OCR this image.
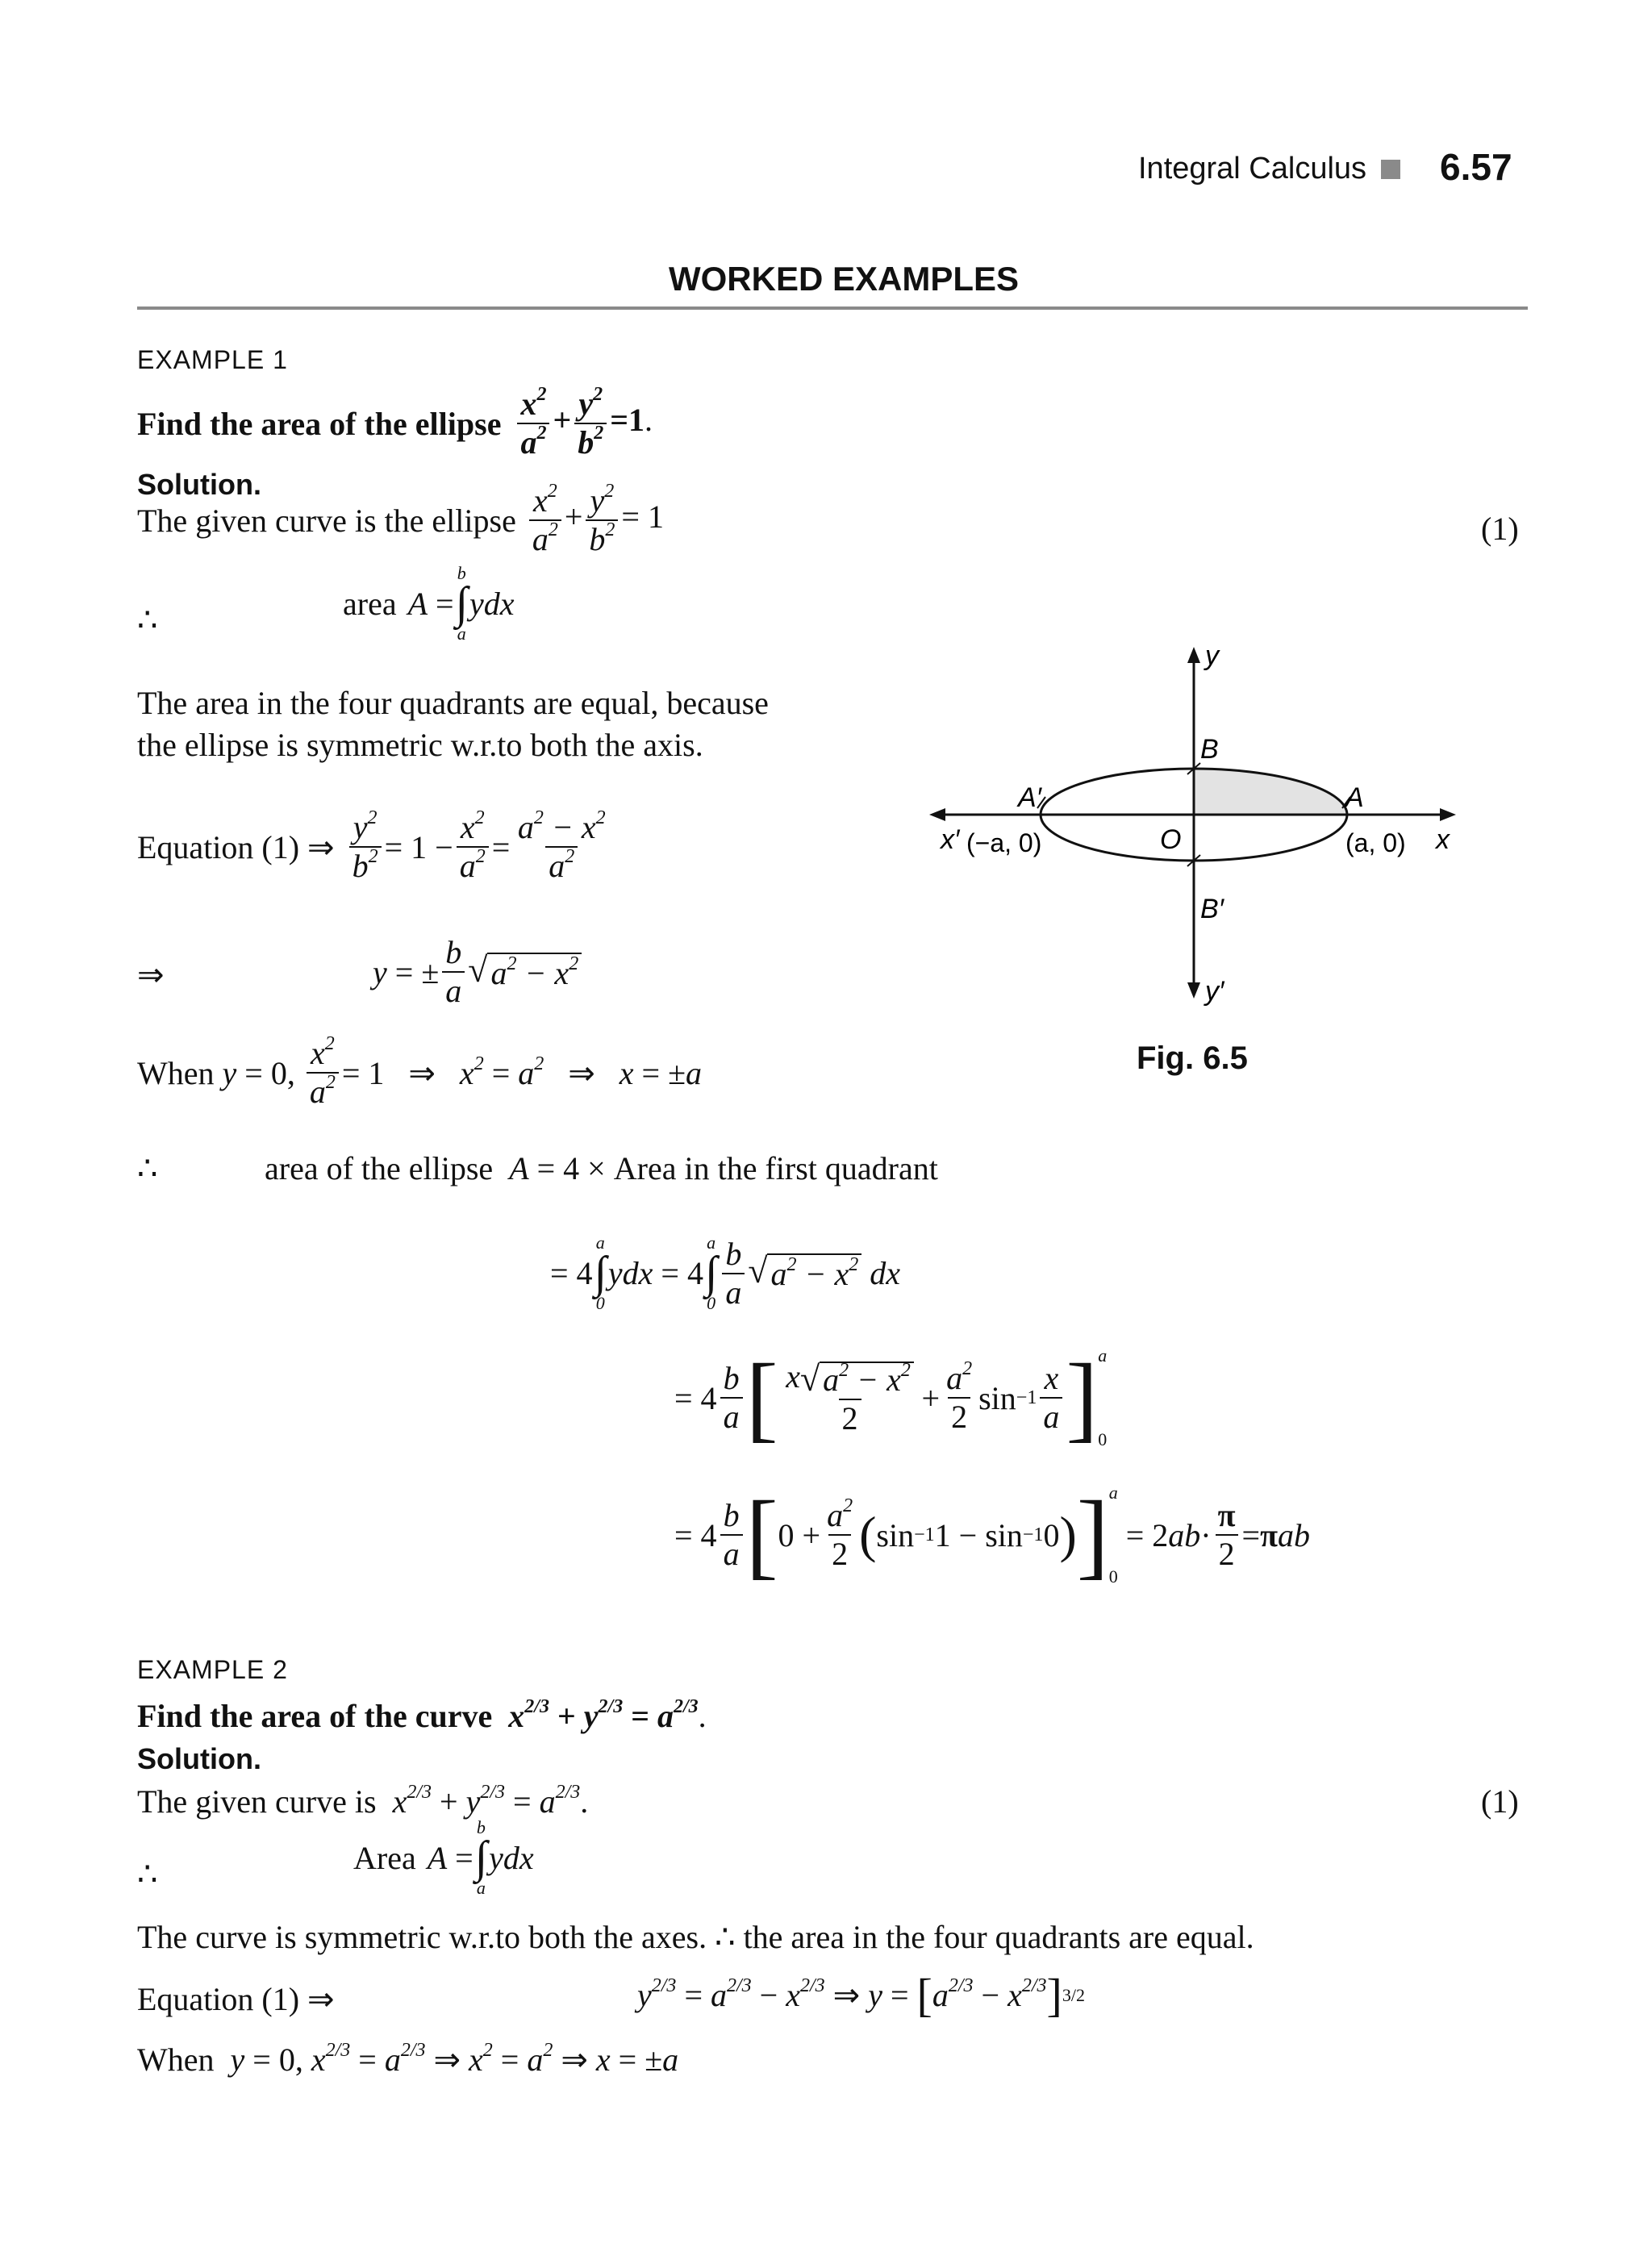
Integral Calculus 6.57
WORKED EXAMPLES
EXAMPLE 1
Find the area of the ellipse $\frac{x^2}{a^2} + \frac{y^2}{b^2} =1$.
Solution.
The given curve is the ellipse $\frac{x^2}{a^2} + \frac{y^2}{b^2} = 1$	(1)
∴	area A =
b
∫
a
ydx
The area in the four quadrants are equal, because
the ellipse is symmetric w.r.to both the axis.
Equation (1) ⇒ $\frac{y^2}{b^2} = 1 - \frac{x^2}{a^2} = \frac{a^2 - x^2}{a^2}$
⇒	y = ± $\frac{b}{a}$ √ $a^2 - x^2$
When
y = 0, $\frac{x^2}{a^2} = 1$   ⇒ $x^2 = a^2$ ⇒ x = ± a
∴	area of the ellipse A = 4 × Area in the first quadrant
= 4
a
∫
0
ydx = 4
a
∫
$0 \frac{b}{a}$ √ $a^2 - x^2$
dx
= $4 \frac{b}{a}$ [ $\frac{x √ a^2 - x^2}{2} + \frac{a^2}{2}$ $\sin -1 \frac{x}{a}$ ] a
0
= $4 \frac{b}{a}$ [ $0 + \frac{a^2}{2}$ ( sin −1 1 − sin −1 0 ) ] a
0
= 2 ab · $\frac{\pi}{2} = \pi$ ab
y
y′
x
x′	O
B
B′
A′	A
(−a, 0)	(a, 0)
Fig. 6.5
EXAMPLE 2
Find the area of the curve $x^{2/3} + y^{2/3} = a^{2/3}$.
Solution.
The given curve is $x^{2/3} + y^{2/3} = a^{2/3}$.	(1)
∴	Area A =
b
∫
a
ydx
The curve is symmetric w.r.to both the axes. ∴ the area in the four quadrants are equal.
Equation (1) ⇒	$y^{2/3} = a^{2/3} - x^{2/3}$ ⇒ y = [ $a^{2/3} - x^{2/3}$ ] 3/2
When y = 0, $x^{2/3} = a^{2/3}$ ⇒ $x^2 = a^2$ ⇒ x = ±a
